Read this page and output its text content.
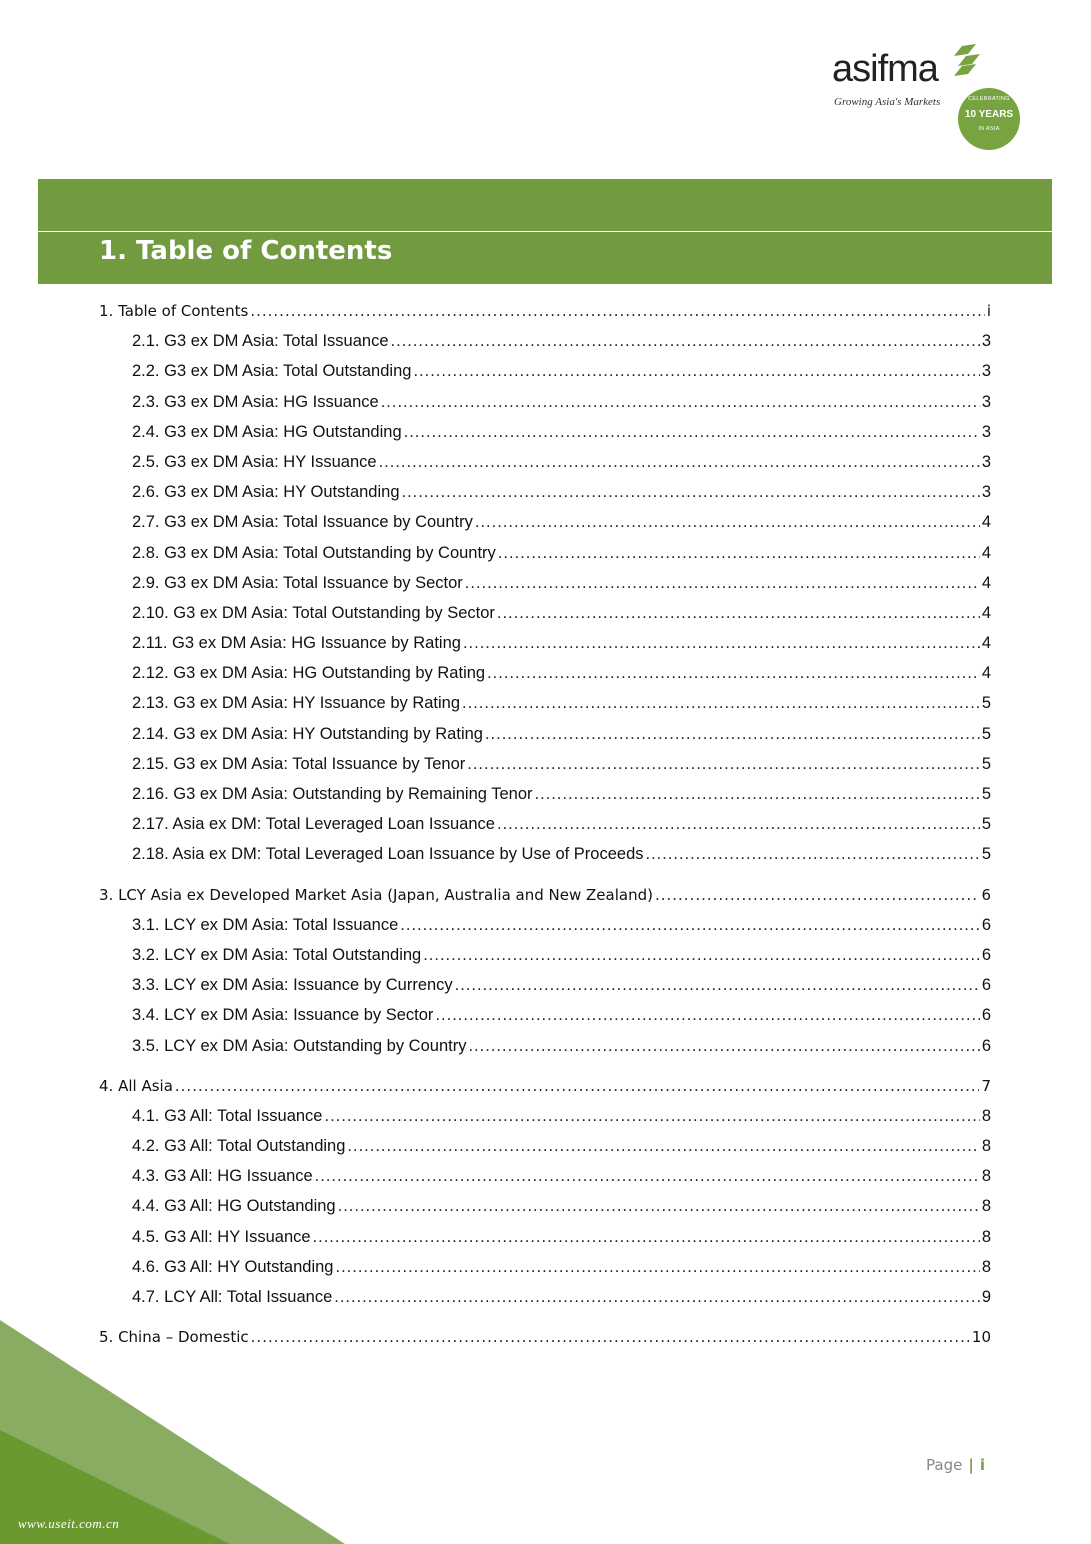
asifma
Growing Asia's Markets	CELEBRATING
10 YEARS
IN ASIA
1. Table of Contents
1. Table of Contents .....	i
2.1. G3 ex DM Asia: Total Issuance .....	3
2.2. G3 ex DM Asia: Total Outstanding .....	3
2.3. G3 ex DM Asia: HG Issuance .....	3
2.4. G3 ex DM Asia: HG Outstanding .....	3
2.5. G3 ex DM Asia: HY Issuance .....	3
2.6. G3 ex DM Asia: HY Outstanding .....	3
2.7. G3 ex DM Asia: Total Issuance by Country .....	4
2.8. G3 ex DM Asia: Total Outstanding by Country .....	4
2.9. G3 ex DM Asia: Total Issuance by Sector .....	4
2.10. G3 ex DM Asia: Total Outstanding by Sector .....	4
2.11. G3 ex DM Asia: HG Issuance by Rating .....	4
2.12. G3 ex DM Asia: HG Outstanding by Rating .....	4
2.13. G3 ex DM Asia: HY Issuance by Rating .....	5
2.14. G3 ex DM Asia: HY Outstanding by Rating .....	5
2.15. G3 ex DM Asia: Total Issuance by Tenor .....	5
2.16. G3 ex DM Asia: Outstanding by Remaining Tenor .....	5
2.17. Asia ex DM: Total Leveraged Loan Issuance .....	5
2.18. Asia ex DM: Total Leveraged Loan Issuance by Use of Proceeds .....	5
3. LCY Asia ex Developed Market Asia (Japan, Australia and New Zealand) .....	6
3.1. LCY ex DM Asia: Total Issuance .....	6
3.2. LCY ex DM Asia: Total Outstanding .....	6
3.3. LCY ex DM Asia: Issuance by Currency .....	6
3.4. LCY ex DM Asia: Issuance by Sector .....	6
3.5. LCY ex DM Asia: Outstanding by Country .....	6
4. All Asia .....	7
4.1. G3 All: Total Issuance .....	8
4.2. G3 All: Total Outstanding .....	8
4.3. G3 All: HG Issuance .....	8
4.4. G3 All: HG Outstanding .....	8
4.5. G3 All: HY Issuance .....	8
4.6. G3 All: HY Outstanding .....	8
4.7. LCY All: Total Issuance .....	9
5. China – Domestic .....	10
www.useit.com.cn
Page | i
